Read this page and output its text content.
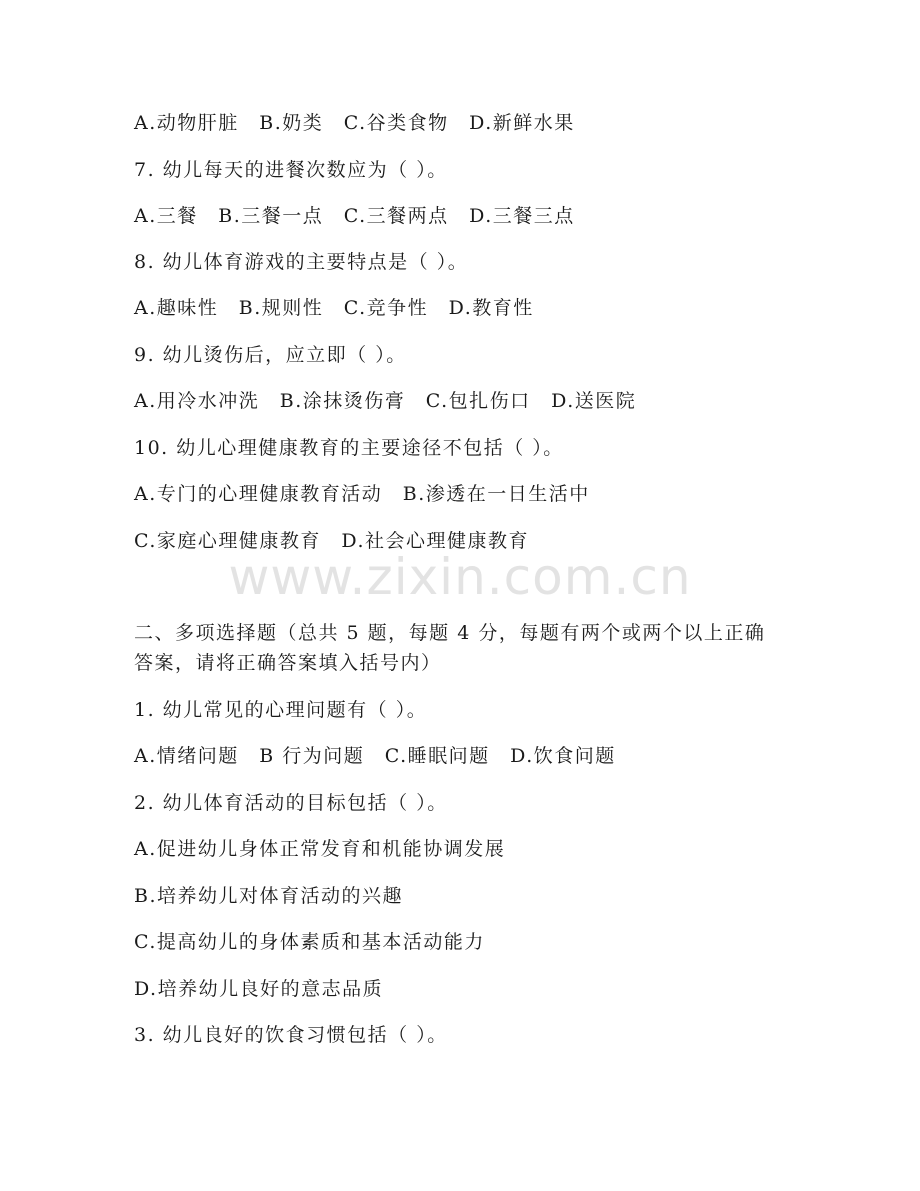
A.动物肝脏　B.奶类　C.谷类食物　D.新鲜水果
7. 幼儿每天的进餐次数应为（ ）。
A.三餐　B.三餐一点　C.三餐两点　D.三餐三点
8. 幼儿体育游戏的主要特点是（ ）。
A.趣味性　B.规则性　C.竞争性　D.教育性
9. 幼儿烫伤后，应立即（ ）。
A.用冷水冲洗　B.涂抹烫伤膏　C.包扎伤口　D.送医院
10. 幼儿心理健康教育的主要途径不包括（ ）。
A.专门的心理健康教育活动　B.渗透在一日生活中
C.家庭心理健康教育　D.社会心理健康教育
www.zixin.com.cn
二、多项选择题（总共 5 题，每题 4 分，每题有两个或两个以上正确
答案，请将正确答案填入括号内）
1. 幼儿常见的心理问题有（ ）。
A.情绪问题　B 行为问题　C.睡眠问题　D.饮食问题
2. 幼儿体育活动的目标包括（ ）。
A.促进幼儿身体正常发育和机能协调发展
B.培养幼儿对体育活动的兴趣
C.提高幼儿的身体素质和基本活动能力
D.培养幼儿良好的意志品质
3. 幼儿良好的饮食习惯包括（ ）。
